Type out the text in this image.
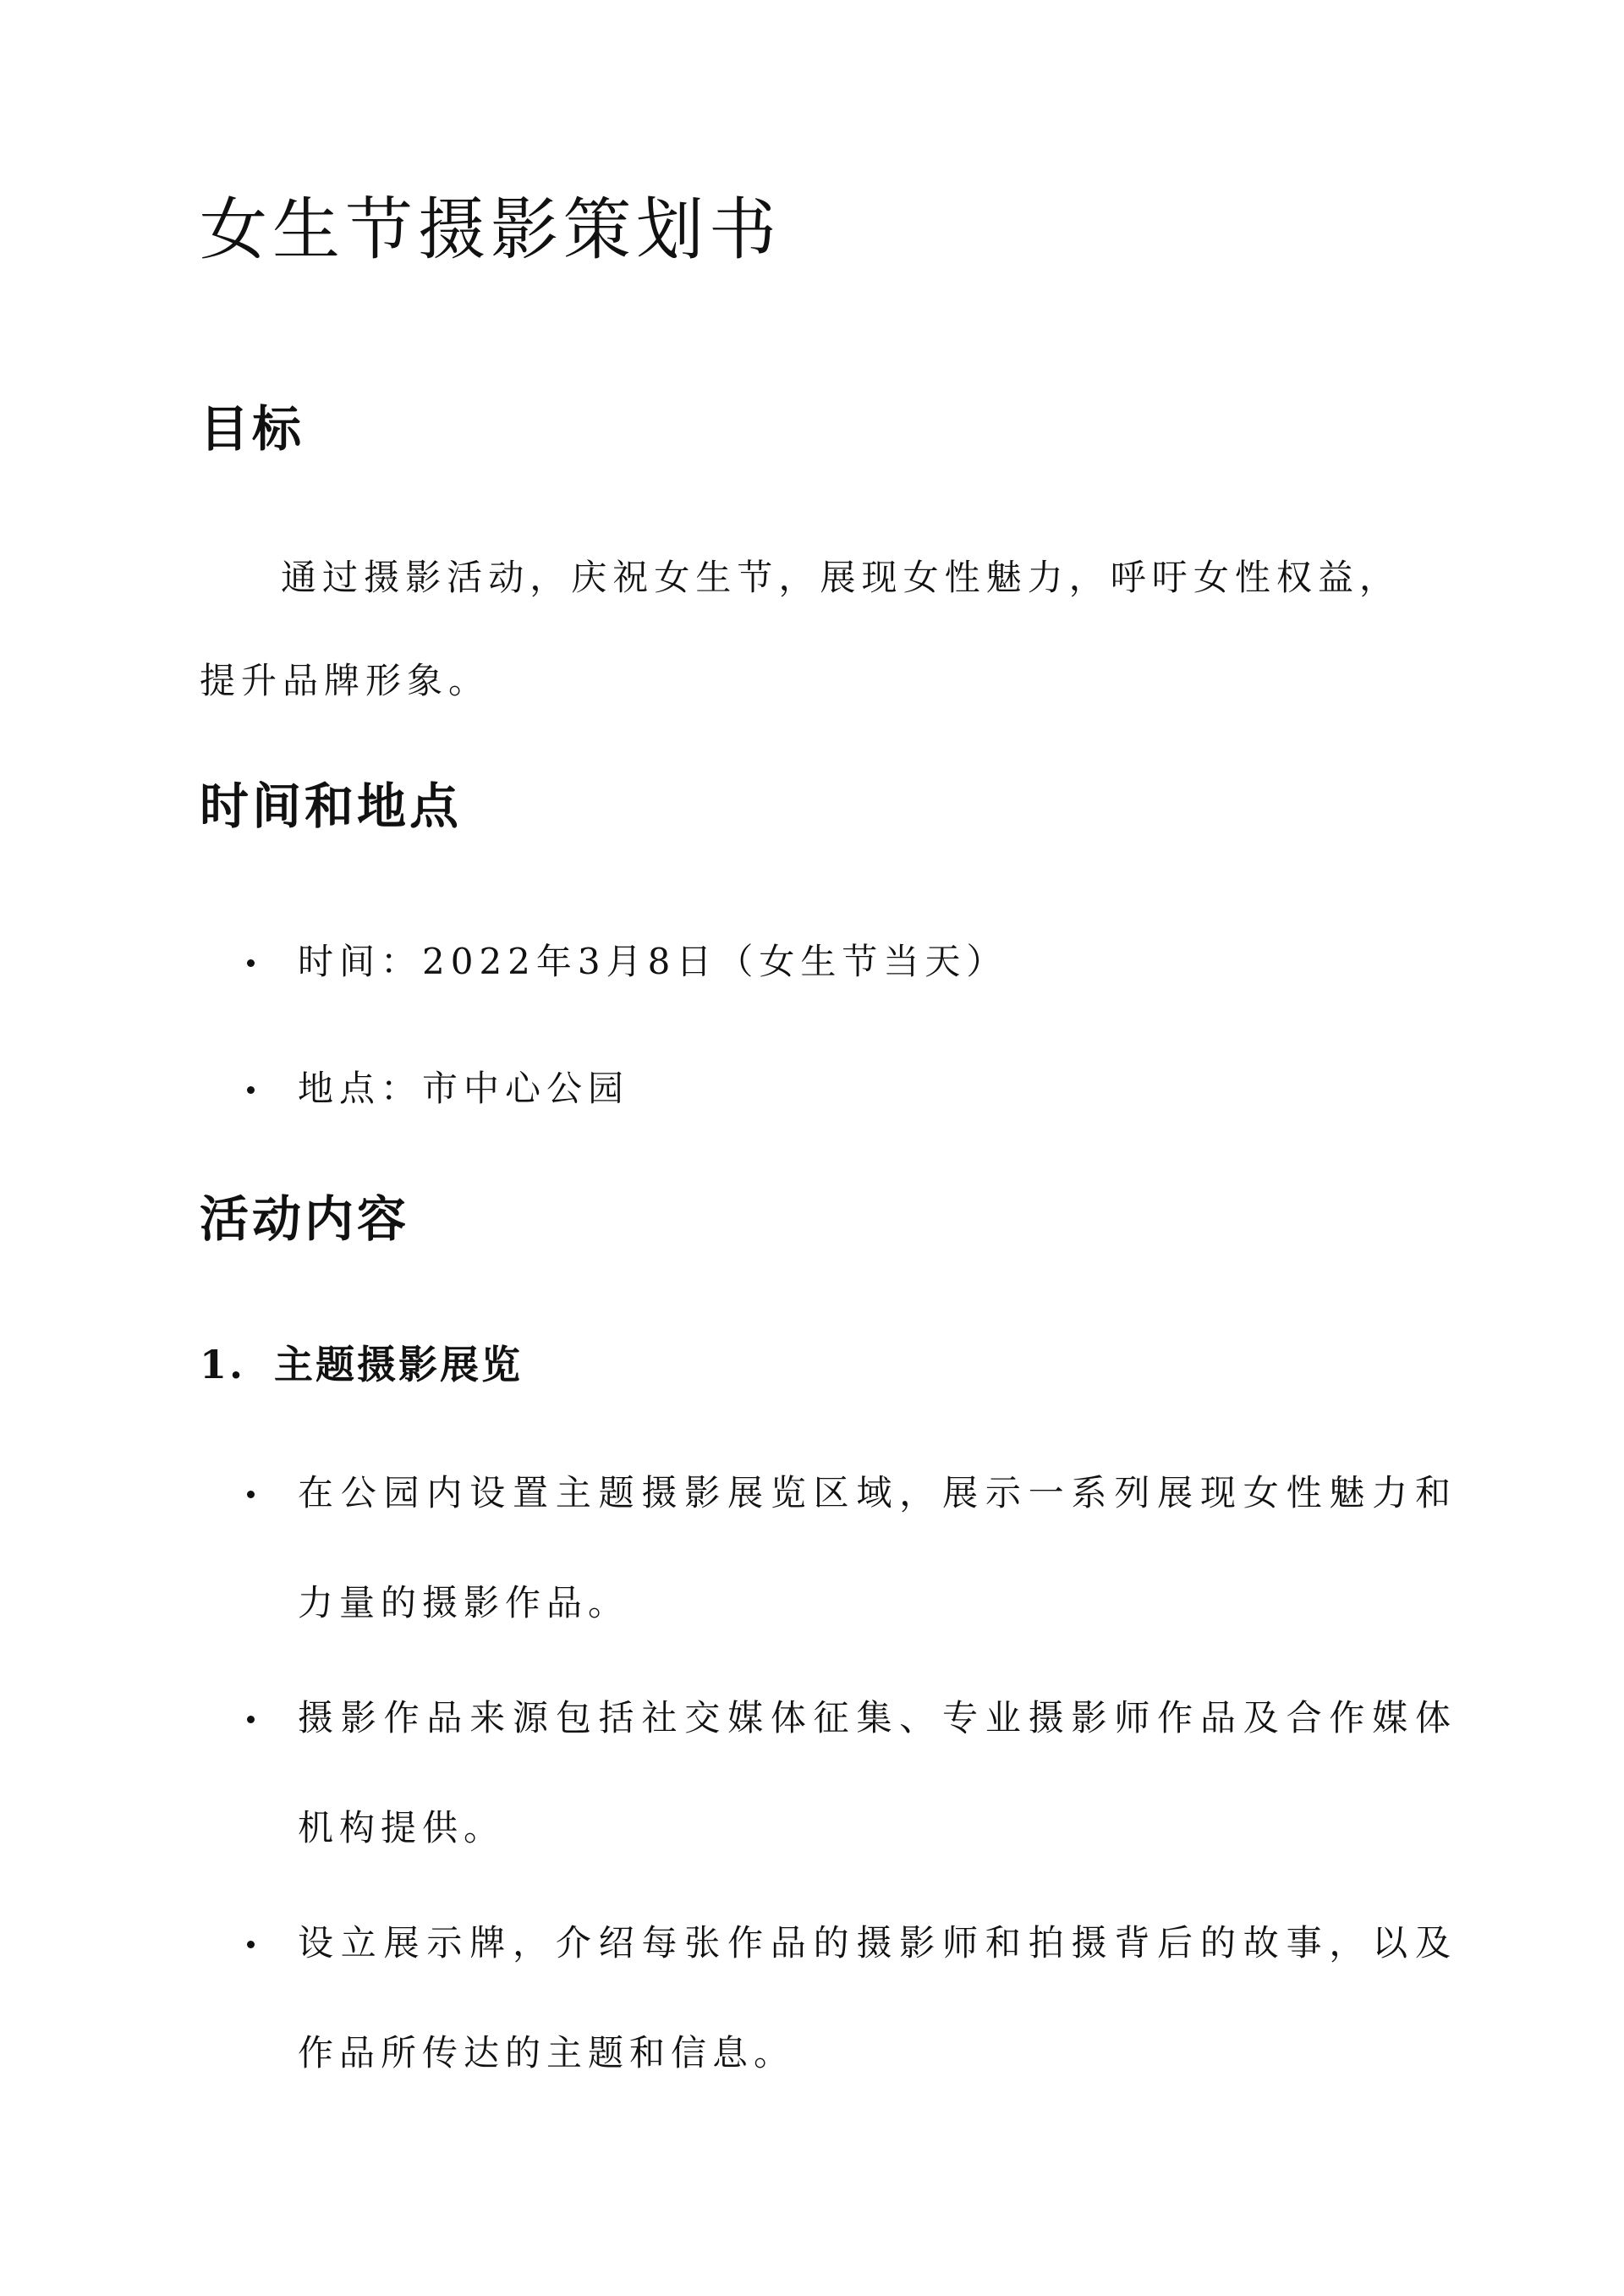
女生节摄影策划书
目标

通过摄影活动，庆祝女生节，展现女性魅力，呼吁女性权益，提升品牌形象。

时间和地点
时间：2022年3月8日（女生节当天）
地点：市中心公园
活动内容
1. 主题摄影展览
在公园内设置主题摄影展览区域，展示一系列展现女性魅力和力量的摄影作品。
摄影作品来源包括社交媒体征集、专业摄影师作品及合作媒体机构提供。
设立展示牌，介绍每张作品的摄影师和拍摄背后的故事，以及作品所传达的主题和信息。
